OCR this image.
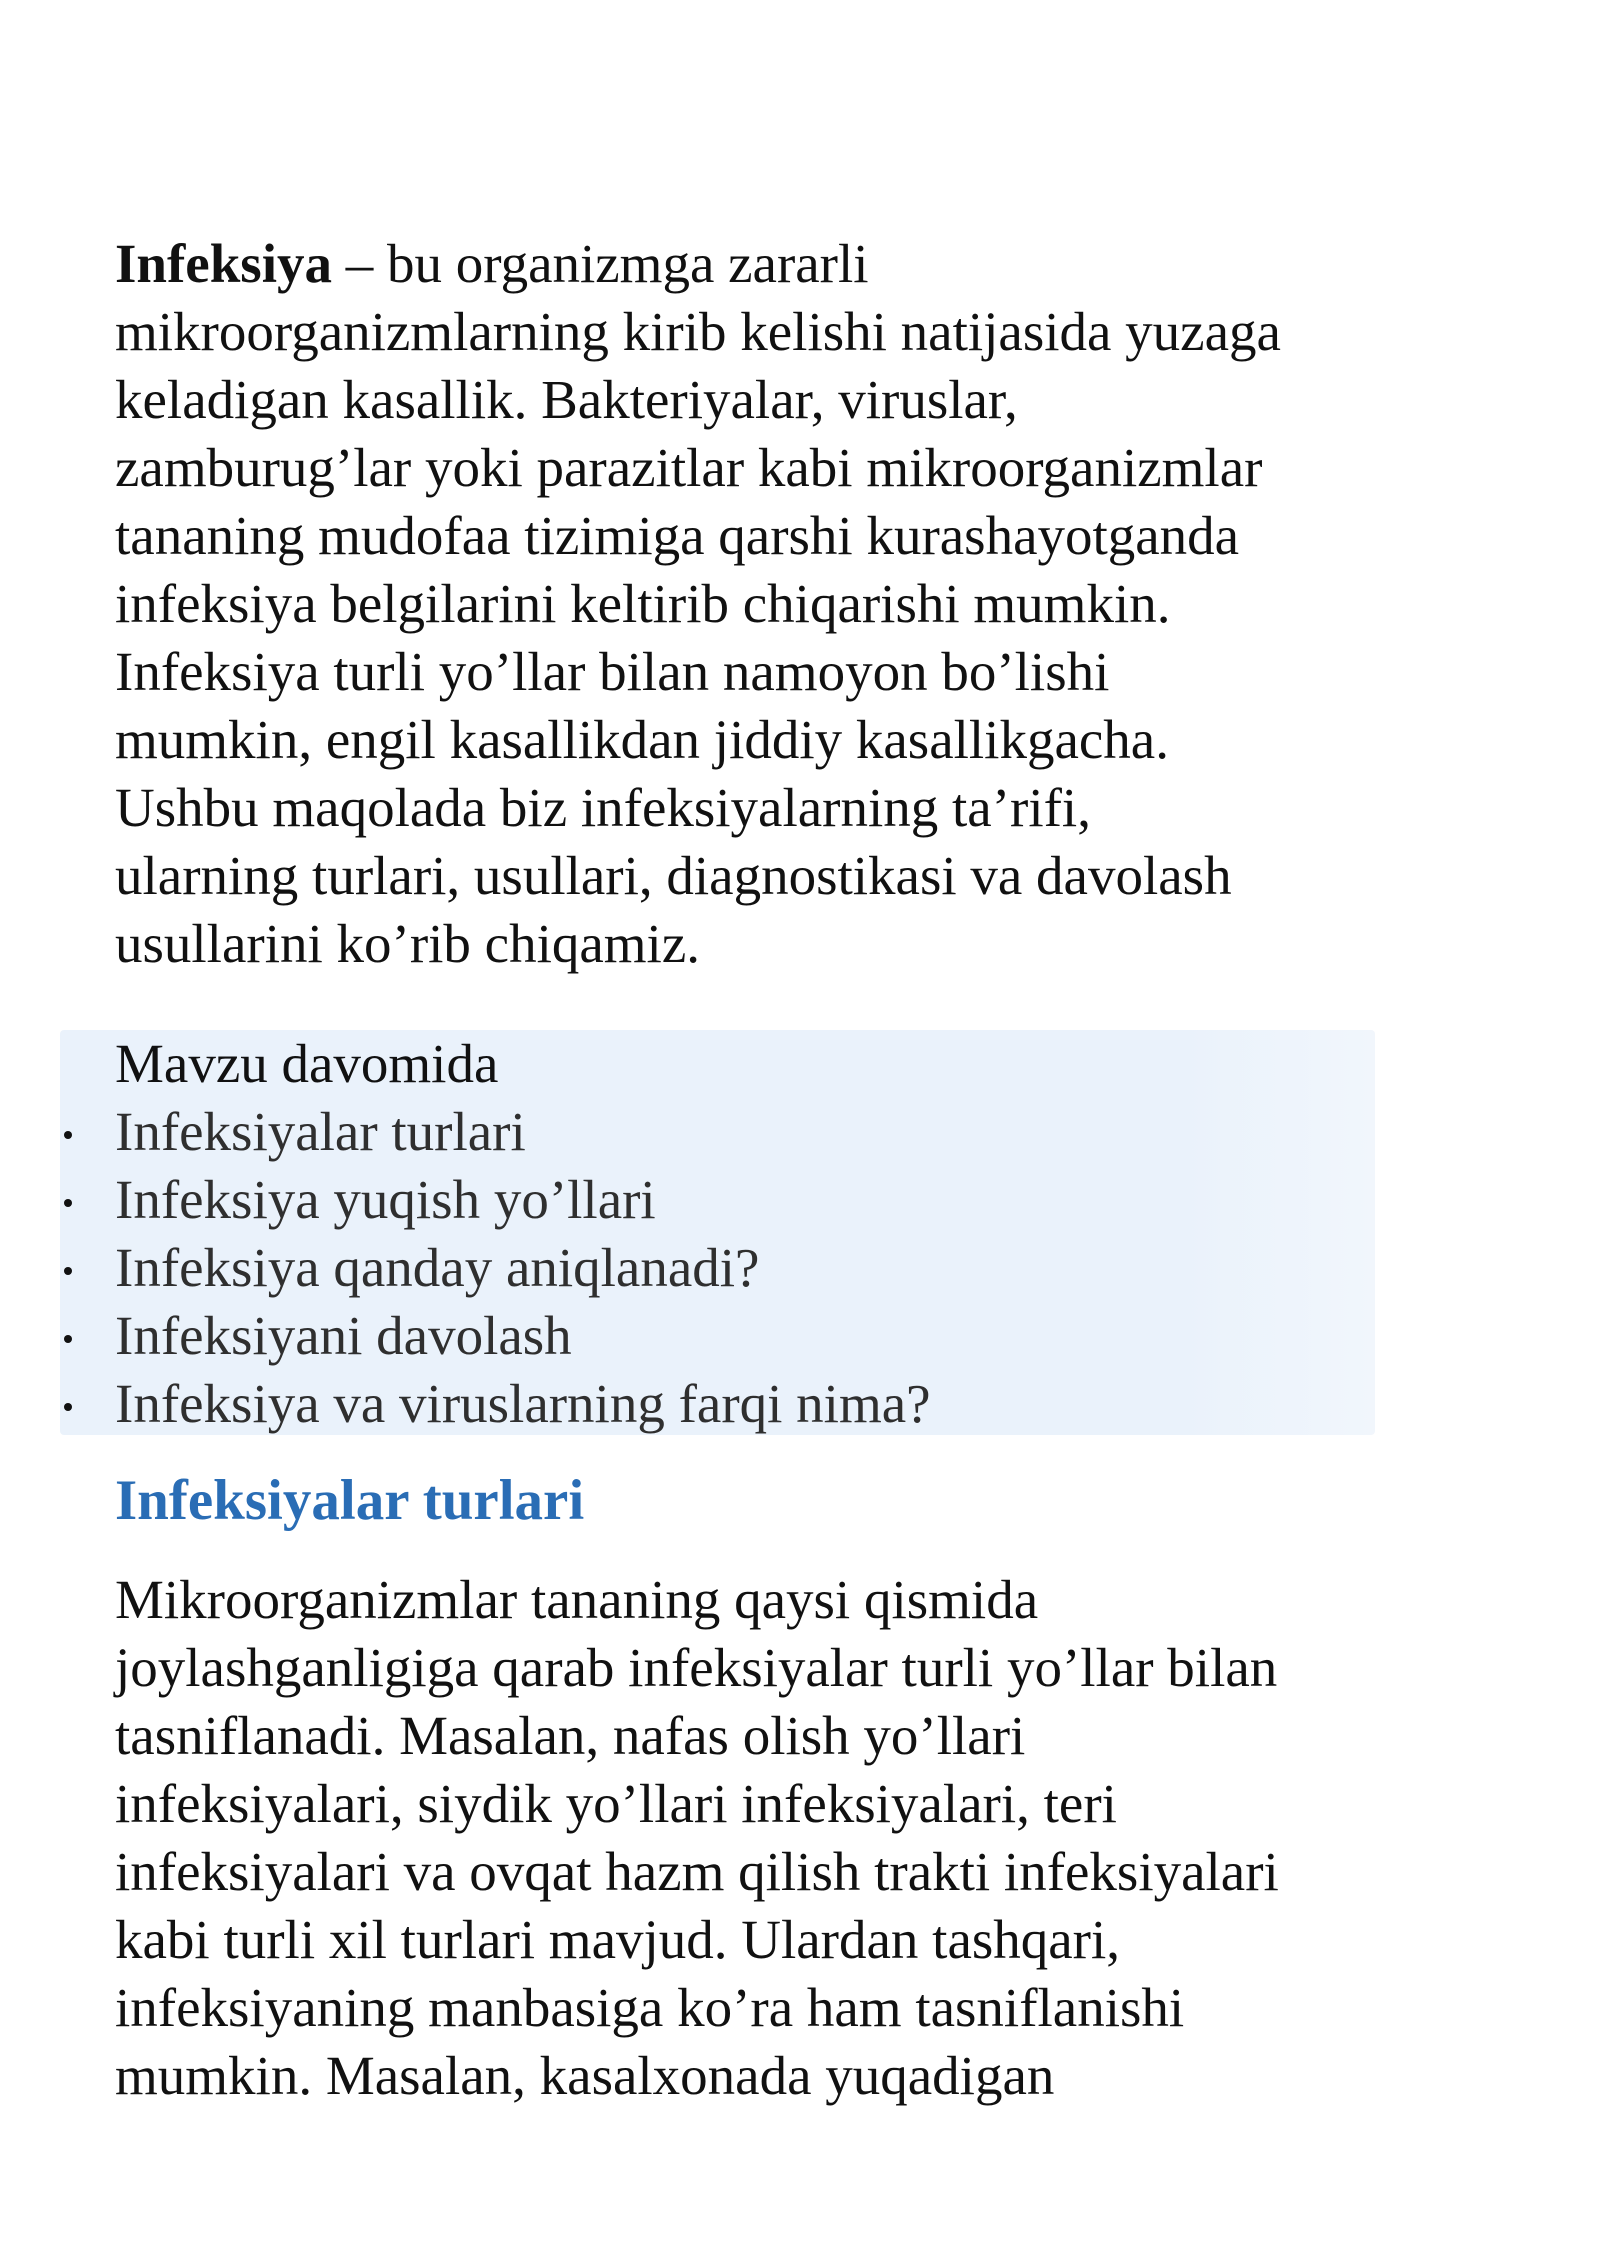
Infeksiya – bu organizmga zararli

mikroorganizmlarning kirib kelishi natijasida yuzaga

keladigan kasallik. Bakteriyalar, viruslar,

zamburug’lar yoki parazitlar kabi mikroorganizmlar

tananing mudofaa tizimiga qarshi kurashayotganda

infeksiya belgilarini keltirib chiqarishi mumkin.

Infeksiya turli yo’llar bilan namoyon bo’lishi

mumkin, engil kasallikdan jiddiy kasallikgacha.

Ushbu maqolada biz infeksiyalarning ta’rifi,

ularning turlari, usullari, diagnostikasi va davolash

usullarini ko’rib chiqamiz.

Mavzu davomida

Infeksiyalar turlari
Infeksiya yuqish yo’llari
Infeksiya qanday aniqlanadi?
Infeksiyani davolash
Infeksiya va viruslarning farqi nima?
Infeksiyalar turlari

Mikroorganizmlar tananing qaysi qismida

joylashganligiga qarab infeksiyalar turli yo’llar bilan

tasniflanadi. Masalan, nafas olish yo’llari

infeksiyalari, siydik yo’llari infeksiyalari, teri

infeksiyalari va ovqat hazm qilish trakti infeksiyalari

kabi turli xil turlari mavjud. Ulardan tashqari,

infeksiyaning manbasiga ko’ra ham tasniflanishi

mumkin. Masalan, kasalxonada yuqadigan
